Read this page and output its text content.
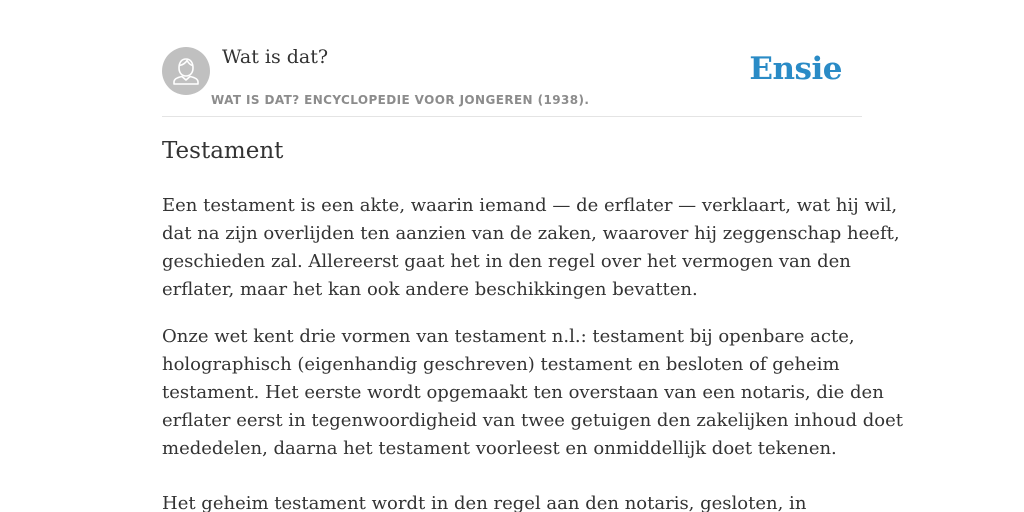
Wat is dat?
WAT IS DAT? ENCYCLOPEDIE VOOR JONGEREN (1938).
Ensie
Testament

Een testament is een akte, waarin iemand — de erflater — verklaart, wat hij wil,
dat na zijn overlijden ten aanzien van de zaken, waarover hij zeggenschap heeft,
geschieden zal. Allereerst gaat het in den regel over het vermogen van den
erflater, maar het kan ook andere beschikkingen bevatten.

Onze wet kent drie vormen van testament n.l.: testament bij openbare acte,
holographisch (eigenhandig geschreven) testament en besloten of geheim
testament. Het eerste wordt opgemaakt ten overstaan van een notaris, die den
erflater eerst in tegenwoordigheid van twee getuigen den zakelijken inhoud doet
mededelen, daarna het testament voorleest en onmiddellijk doet tekenen.

Het geheim testament wordt in den regel aan den notaris, gesloten, in
